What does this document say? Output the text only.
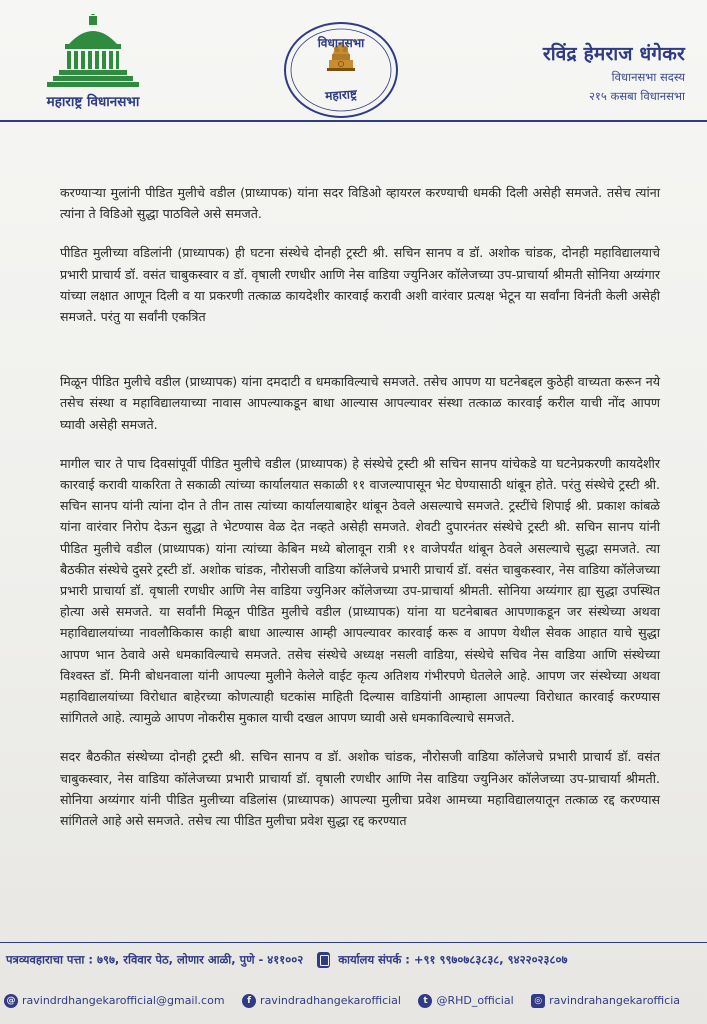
महाराष्ट्र विधानसभा
विधानसभा
महाराष्ट्र
रविंद्र हेमराज धंगेकर
विधानसभा सदस्य
२१५ कसबा विधानसभा

करण्याऱ्या मुलांनी पीडित मुलीचे वडील (प्राध्यापक) यांना सदर विडिओ व्हायरल करण्याची धमकी दिली असेही समजते. तसेच त्यांना त्यांना ते विडिओ सुद्धा पाठविले असे समजते.

पीडित मुलीच्या वडिलांनी (प्राध्यापक) ही घटना संस्थेचे दोनही ट्रस्टी श्री. सचिन सानप व डॉ. अशोक चांडक, दोनही महाविद्यालयाचे प्रभारी प्राचार्य डॉ. वसंत चाबुकस्वार व डॉ. वृषाली रणधीर आणि नेस वाडिया ज्युनिअर कॉलेजच्या उप-प्राचार्या श्रीमती सोनिया अय्यंगार यांच्या लक्षात आणून दिली व या प्रकरणी तत्काळ कायदेशीर कारवाई करावी अशी वारंवार प्रत्यक्ष भेटून या सर्वांना विनंती केली असेही समजते. परंतु या सर्वांनी एकत्रित

मिळून पीडित मुलीचे वडील (प्राध्यापक) यांना दमदाटी व धमकाविल्याचे समजते. तसेच आपण या घटनेबद्दल कुठेही वाच्यता करून नये तसेच संस्था व महाविद्यालयाच्या नावास आपल्याकडून बाधा आल्यास आपल्यावर संस्था तत्काळ कारवाई करील याची नोंद आपण घ्यावी असेही समजते.

मागील चार ते पाच दिवसांपूर्वी पीडित मुलीचे वडील (प्राध्यापक) हे संस्थेचे ट्रस्टी श्री सचिन सानप यांचेकडे या घटनेप्रकरणी कायदेशीर कारवाई करावी याकरिता ते सकाळी त्यांच्या कार्यालयात सकाळी ११ वाजल्यापासून भेट घेण्यासाठी थांबून होते. परंतु संस्थेचे ट्रस्टी श्री. सचिन सानप यांनी त्यांना दोन ते तीन तास त्यांच्या कार्यालयाबाहेर थांबून ठेवले असल्याचे समजते. ट्रस्टींचे शिपाई श्री. प्रकाश कांबळे यांना वारंवार निरोप देऊन सुद्धा ते भेटण्यास वेळ देत नव्हते असेही समजते. शेवटी दुपारनंतर संस्थेचे ट्रस्टी श्री. सचिन सानप यांनी पीडित मुलीचे वडील (प्राध्यापक) यांना त्यांच्या केबिन मध्ये बोलावून रात्री ११ वाजेपर्यंत थांबून ठेवले असल्याचे सुद्धा समजते. त्या बैठकीत संस्थेचे दुसरे ट्रस्टी डॉ. अशोक चांडक, नौरोसजी वाडिया कॉलेजचे प्रभारी प्राचार्य डॉ. वसंत चाबुकस्वार, नेस वाडिया कॉलेजच्या प्रभारी प्राचार्या डॉ. वृषाली रणधीर आणि नेस वाडिया ज्युनिअर कॉलेजच्या उप-प्राचार्या श्रीमती. सोनिया अय्यंगार ह्या सुद्धा उपस्थित होत्या असे समजते. या सर्वांनी मिळून पीडित मुलीचे वडील (प्राध्यापक) यांना या घटनेबाबत आपणाकडून जर संस्थेच्या अथवा महाविद्यालयांच्या नावलौकिकास काही बाधा आल्यास आम्ही आपल्यावर कारवाई करू व आपण येथील सेवक आहात याचे सुद्धा आपण भान ठेवावे असे धमकाविल्याचे समजते. तसेच संस्थेचे अध्यक्ष नसली वाडिया, संस्थेचे सचिव नेस वाडिया आणि संस्थेच्या विश्वस्त डॉ. मिनी बोधनवाला यांनी आपल्या मुलीने केलेले वाईट कृत्य अतिशय गंभीरपणे घेतलेले आहे. आपण जर संस्थेच्या अथवा महाविद्यालयांच्या विरोधात बाहेरच्या कोणत्याही घटकांस माहिती दिल्यास वाडियांनी आम्हाला आपल्या विरोधात कारवाई करण्यास सांगितले आहे. त्यामुळे आपण नोकरीस मुकाल याची दखल आपण घ्यावी असे धमकाविल्याचे समजते.

सदर बैठकीत संस्थेच्या दोनही ट्रस्टी श्री. सचिन सानप व डॉ. अशोक चांडक, नौरोसजी वाडिया कॉलेजचे प्रभारी प्राचार्य डॉ. वसंत चाबुकस्वार, नेस वाडिया कॉलेजच्या प्रभारी प्राचार्या डॉ. वृषाली रणधीर आणि नेस वाडिया ज्युनिअर कॉलेजच्या उप-प्राचार्या श्रीमती. सोनिया अय्यंगार यांनी पीडित मुलीच्या वडिलांस (प्राध्यापक) आपल्या मुलीचा प्रवेश आमच्या महाविद्यालयातून तत्काळ रद्द करण्यास सांगितले आहे असे समजते. तसेच त्या पीडित मुलीचा प्रवेश सुद्धा रद्द करण्यात

पत्रव्यवहाराचा पत्ता : ७९७, रविवार पेठ, लोणार आळी, पुणे - ४११००२	कार्यालय संपर्क : +९१ ९९७०७८३८३८, ९४२२०२३८०७
@ ravindrdhangekarofficial@gmail.com	f ravindradhangekarofficial t @RHD_official ◎ ravindrahangekarofficia
